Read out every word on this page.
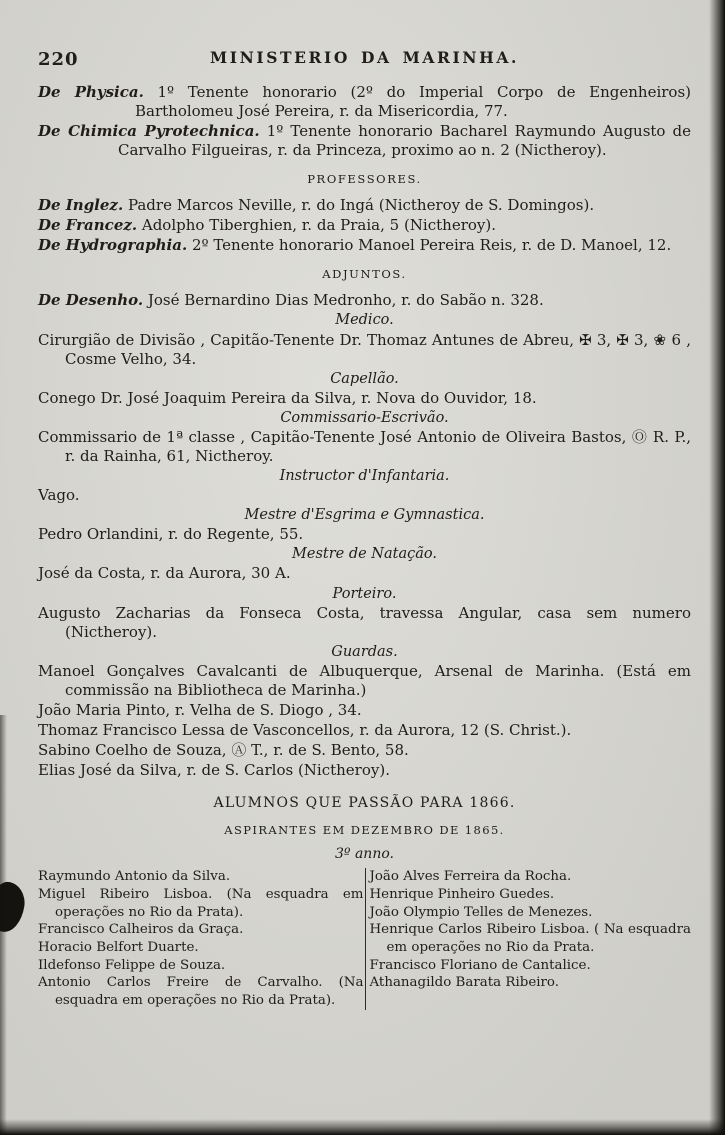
220	MINISTERIO DA MARINHA.

De Physica. 1º Tenente honorario (2º do Imperial Corpo de Engenheiros) Bartholomeu José Pereira, r. da Misericordia, 77.

De Chimica Pyrotechnica. 1º Tenente honorario Bacharel Raymundo Augusto de Carvalho Filgueiras, r. da Princeza, proximo ao n. 2 (Nictheroy).

PROFESSORES.

De Inglez. Padre Marcos Neville, r. do Ingá (Nictheroy de S. Domingos).

De Francez. Adolpho Tiberghien, r. da Praia, 5 (Nictheroy).

De Hydrographia. 2º Tenente honorario Manoel Pereira Reis, r. de D. Manoel, 12.

ADJUNTOS.

De Desenho. José Bernardino Dias Medronho, r. do Sabão n. 328.

Medico.

Cirurgião de Divisão , Capitão-Tenente Dr. Thomaz Antunes de Abreu, ✠ 3, ✠ 3, ❀ 6 , Cosme Velho, 34.

Capellão.

Conego Dr. José Joaquim Pereira da Silva, r. Nova do Ouvidor, 18.

Commissario-Escrivão.

Commissario de 1ª classe , Capitão-Tenente José Antonio de Oliveira Bastos, Ⓞ R. P., r. da Rainha, 61, Nictheroy.

Instructor d'Infantaria.

Vago.

Mestre d'Esgrima e Gymnastica.

Pedro Orlandini, r. do Regente, 55.

Mestre de Natação.

José da Costa, r. da Aurora, 30 A.

Porteiro.

Augusto Zacharias da Fonseca Costa, travessa Angular, casa sem numero (Nictheroy).

Guardas.

Manoel Gonçalves Cavalcanti de Albuquerque, Arsenal de Marinha. (Está em commissão na Bibliotheca de Marinha.)

João Maria Pinto, r. Velha de S. Diogo , 34.

Thomaz Francisco Lessa de Vasconcellos, r. da Aurora, 12 (S. Christ.).

Sabino Coelho de Souza, Ⓐ T., r. de S. Bento, 58.

Elias José da Silva, r. de S. Carlos (Nictheroy).

ALUMNOS QUE PASSÃO PARA 1866.

ASPIRANTES EM DEZEMBRO DE 1865.

3º anno.

Raymundo Antonio da Silva.

Miguel Ribeiro Lisboa. (Na esquadra em operações no Rio da Prata).

Francisco Calheiros da Graça.

Horacio Belfort Duarte.

Ildefonso Felippe de Souza.

Antonio Carlos Freire de Carvalho. (Na esquadra em operações no Rio da Prata).

João Alves Ferreira da Rocha.

Henrique Pinheiro Guedes.

João Olympio Telles de Menezes.

Henrique Carlos Ribeiro Lisboa. ( Na esquadra em operações no Rio da Prata.

Francisco Floriano de Cantalice.

Athanagildo Barata Ribeiro.
